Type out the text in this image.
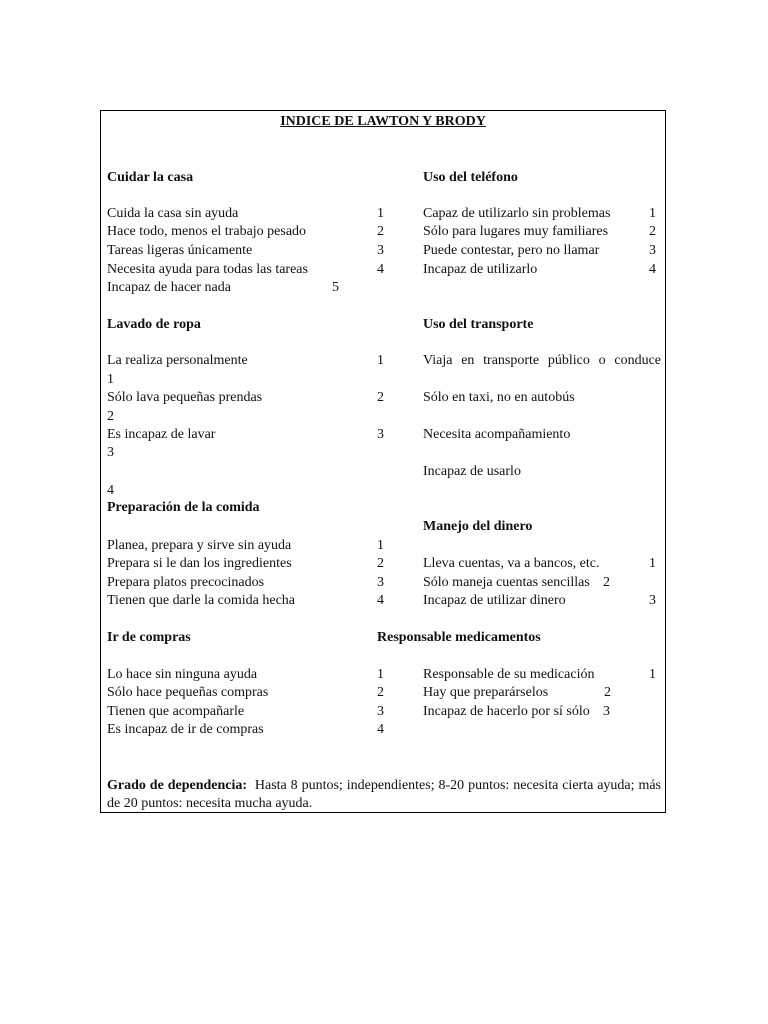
INDICE DE LAWTON Y BRODY
Cuidar la casa
Cuida la casa sin ayuda	1
Hace todo, menos el trabajo pesado	2
Tareas ligeras únicamente	3
Necesita ayuda para todas las tareas	4
Incapaz de hacer nada	5
Lavado de ropa
La realiza personalmente	1
1
Sólo lava pequeñas prendas	2
2
Es incapaz de lavar	3
3
4
Preparación de la comida
Planea, prepara y sirve sin ayuda	1
Prepara si le dan los ingredientes	2
Prepara platos precocinados	3
Tienen que darle la comida hecha	4
Ir de compras
Lo hace sin ninguna ayuda	1
Sólo hace pequeñas compras	2
Tienen que acompañarle	3
Es incapaz de ir de compras	4
Uso del teléfono
Capaz de utilizarlo sin problemas	1
Sólo para lugares muy familiares	2
Puede contestar, pero no llamar	3
Incapaz de utilizarlo	4
Uso del transporte
Viaja en transporte público o conduce
Sólo en taxi, no en autobús
Necesita acompañamiento
Incapaz de usarlo
Manejo del dinero
Lleva cuentas, va a bancos, etc.	1
Sólo maneja cuentas sencillas 2
Incapaz de utilizar dinero	3
Responsable medicamentos
Responsable de su medicación	1
Hay que preparárselos	2
Incapaz de hacerlo por sí sólo 3
Grado de dependencia: Hasta 8 puntos; independientes; 8-20 puntos: necesita cierta ayuda; más de 20 puntos: necesita mucha ayuda.
